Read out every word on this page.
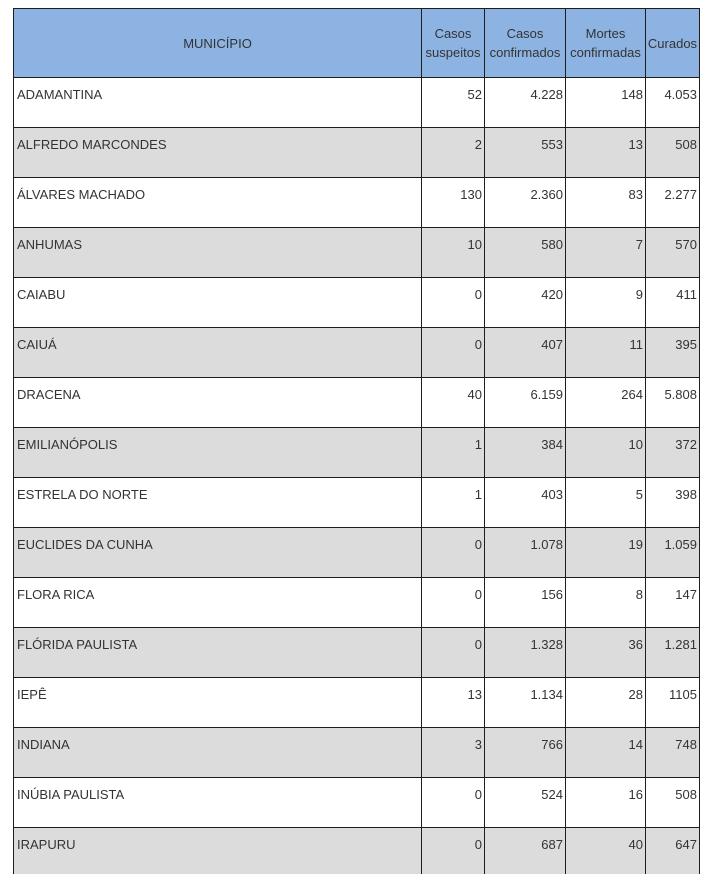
MUNICÍPIO	Casos suspeitos	Casos confirmados	Mortes confirmadas	Curados
ADAMANTINA	52	4.228	148	4.053
ALFREDO MARCONDES	2	553	13	508
ÁLVARES MACHADO	130	2.360	83	2.277
ANHUMAS	10	580	7	570
CAIABU	0	420	9	411
CAIUÁ	0	407	11	395
DRACENA	40	6.159	264	5.808
EMILIANÓPOLIS	1	384	10	372
ESTRELA DO NORTE	1	403	5	398
EUCLIDES DA CUNHA	0	1.078	19	1.059
FLORA RICA	0	156	8	147
FLÓRIDA PAULISTA	0	1.328	36	1.281
IEPÊ	13	1.134	28	1105
INDIANA	3	766	14	748
INÚBIA PAULISTA	0	524	16	508
IRAPURU	0	687	40	647
